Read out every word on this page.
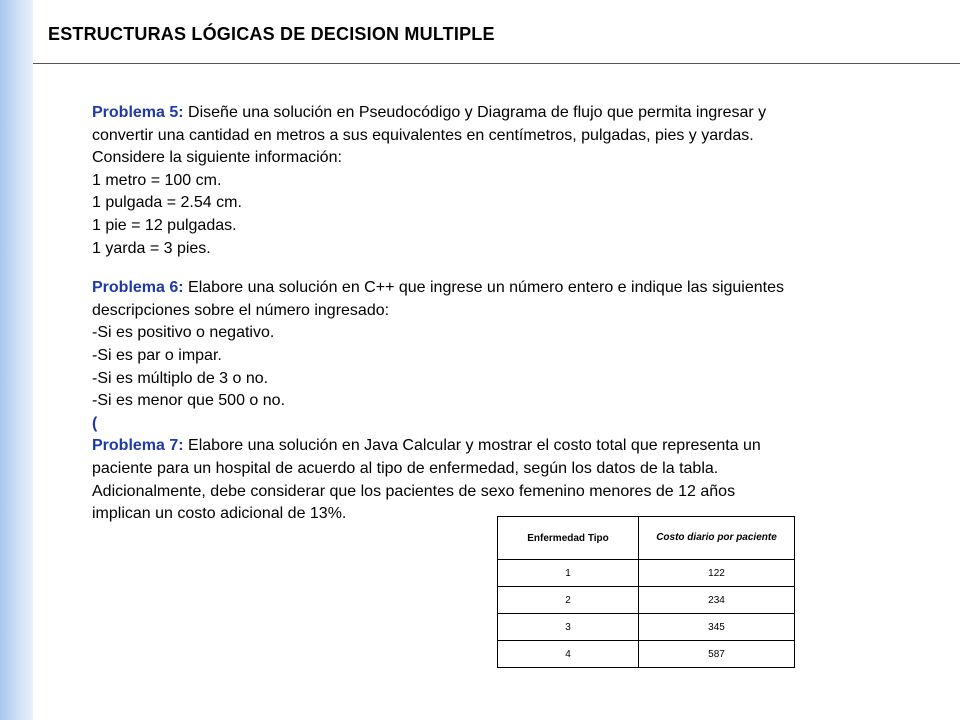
ESTRUCTURAS LÓGICAS DE DECISION MULTIPLE
Problema 5: Diseñe una solución en Pseudocódigo y Diagrama de flujo que permita ingresar y
convertir una cantidad en metros a sus equivalentes en centímetros, pulgadas, pies y yardas.
Considere la siguiente información:
1 metro = 100 cm.
1 pulgada = 2.54 cm.
1 pie = 12 pulgadas.
1 yarda = 3 pies.
Problema 6: Elabore una solución en C++ que ingrese un número entero e indique las siguientes
descripciones sobre el número ingresado:
-Si es positivo o negativo.
-Si es par o impar.
-Si es múltiplo de 3 o no.
-Si es menor que 500 o no.
(
Problema 7: Elabore una solución en Java Calcular y mostrar el costo total que representa un
paciente para un hospital de acuerdo al tipo de enfermedad, según los datos de la tabla.
Adicionalmente, debe considerar que los pacientes de sexo femenino menores de 12 años
implican un costo adicional de 13%.
Enfermedad Tipo	Costo diario por paciente
1	122
2	234
3	345
4	587
